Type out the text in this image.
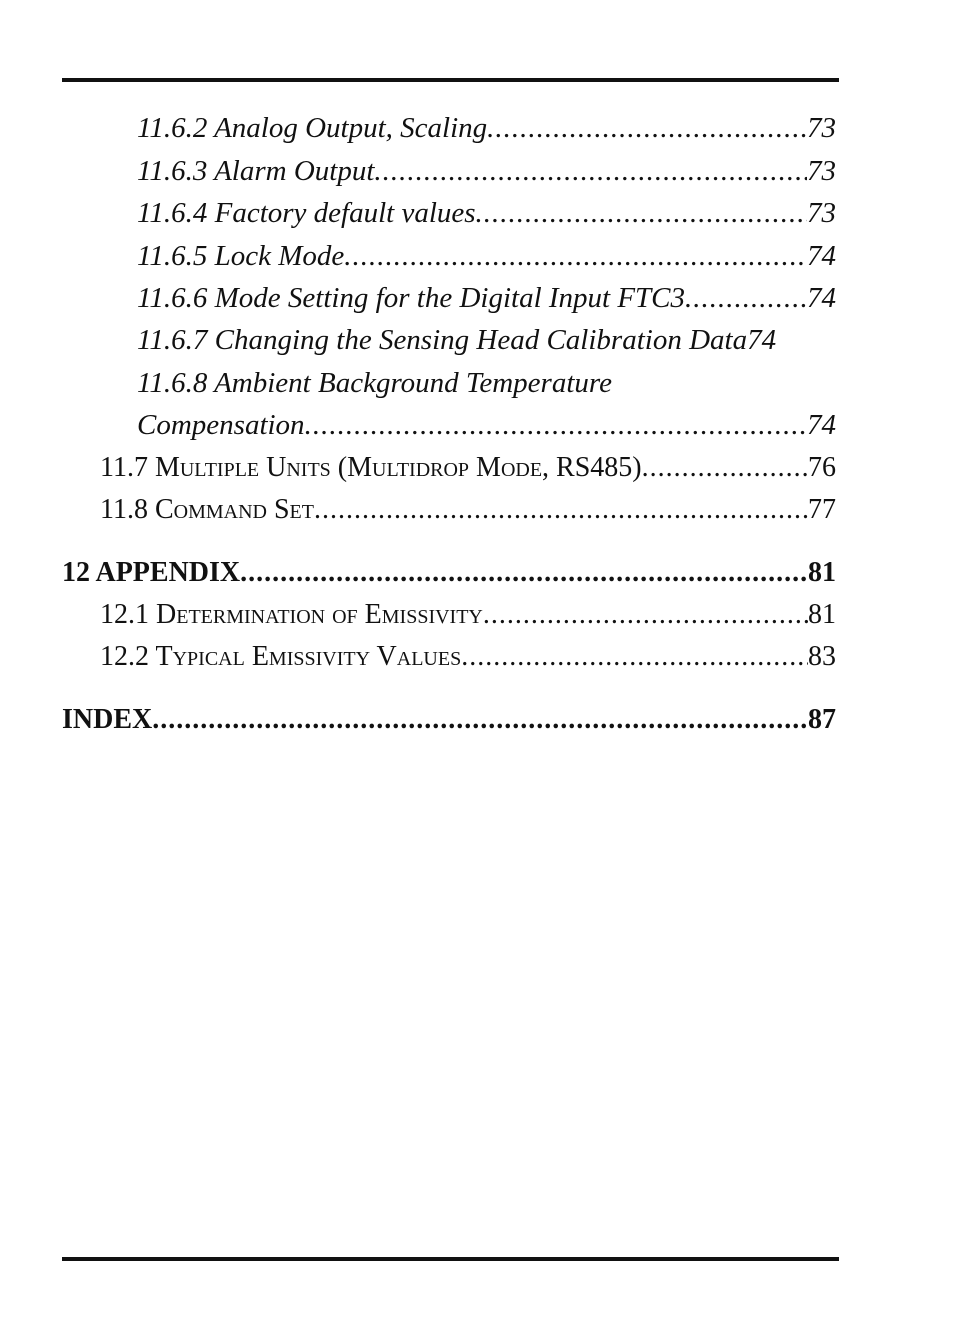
11.6.2 Analog Output, Scaling .....	73
11.6.3 Alarm Output .....	73
11.6.4 Factory default values .....	73
11.6.5 Lock Mode .....	74
11.6.6 Mode Setting for the Digital Input FTC3 .....	74
11.6.7 Changing the Sensing Head Calibration Data 74
11.6.8 Ambient Background Temperature
Compensation .....	74
11.7 Multiple Units (Multidrop Mode, RS485) .....	76
11.8 Command Set .....	77
12 APPENDIX .....	81
12.1 Determination of Emissivity .....	81
12.2 Typical Emissivity Values .....	83
INDEX .....	87
